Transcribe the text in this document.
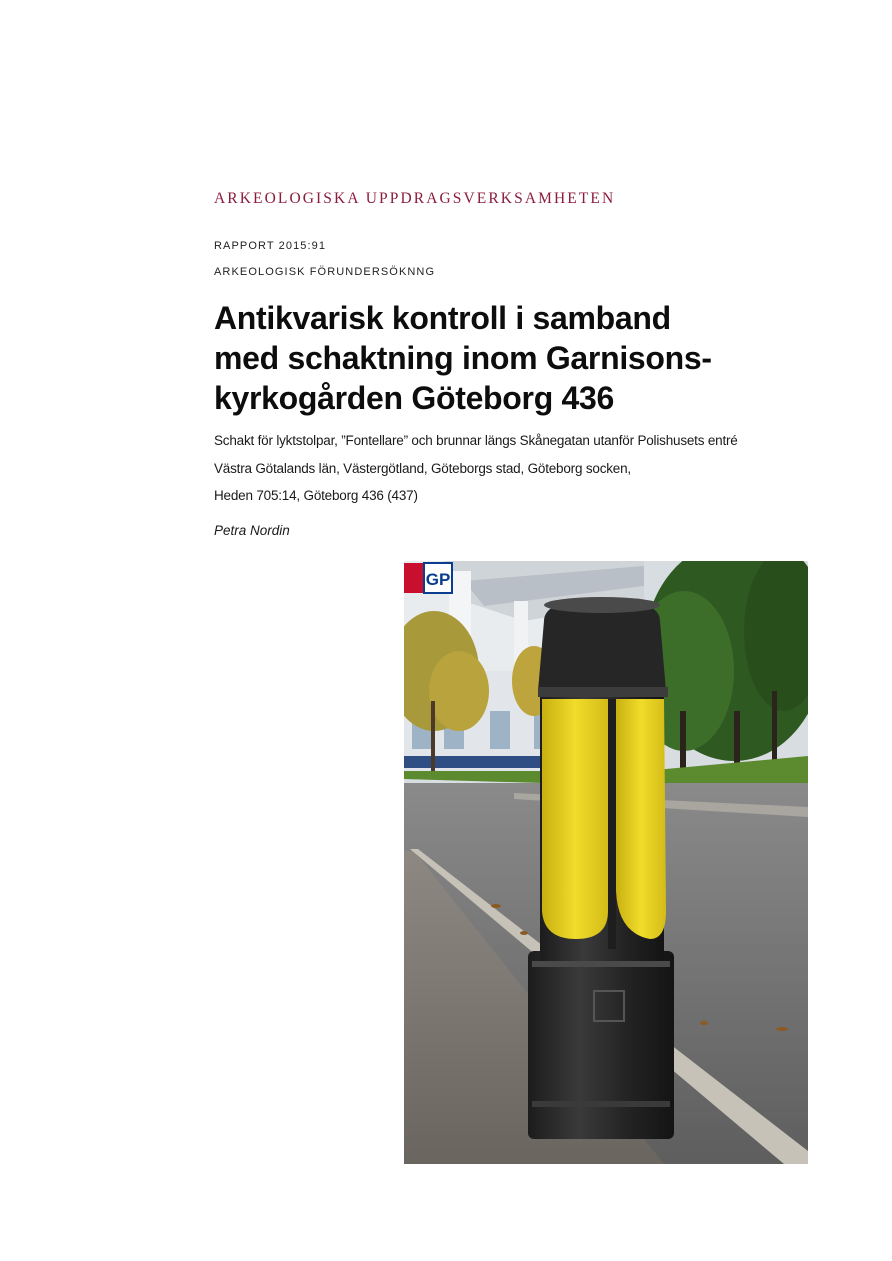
ARKEOLOGISKA UPPDRAGSVERKSAMHETEN
RAPPORT 2015:91
ARKEOLOGISK FÖRUNDERSÖKNNG
Antikvarisk kontroll i samband
med schaktning inom Garnisons-
kyrkogården Göteborg 436
Schakt för lyktstolpar, ”Fontellare” och brunnar längs Skånegatan utanför Polishusets entré
Västra Götalands län, Västergötland, Göteborgs stad, Göteborg socken,
Heden 705:14, Göteborg 436 (437)
Petra Nordin
GP
